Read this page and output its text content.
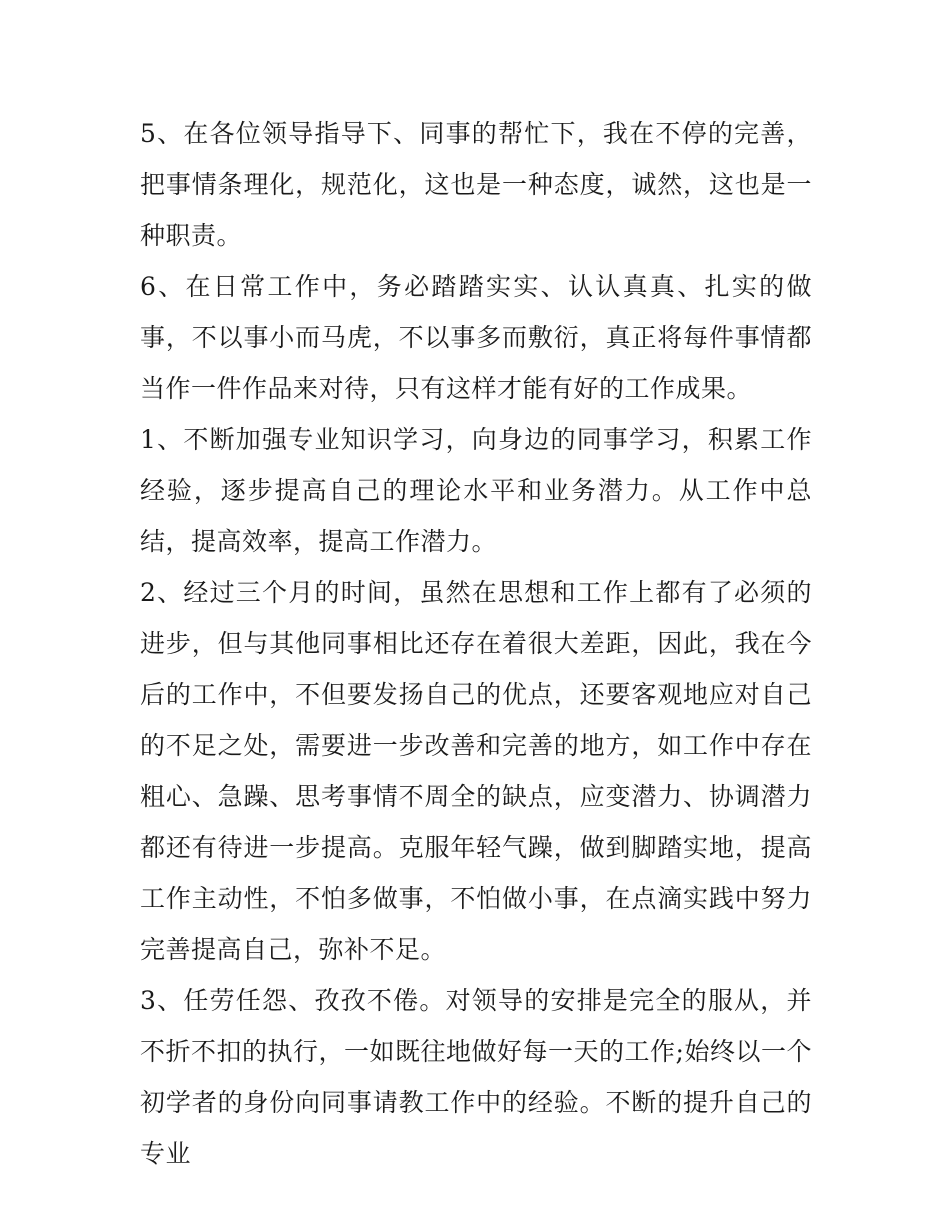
5、在各位领导指导下、同事的帮忙下，我在不停的完善，把事情条理化，规范化，这也是一种态度，诚然，这也是一种职责。

6、在日常工作中，务必踏踏实实、认认真真、扎实的做事，不以事小而马虎，不以事多而敷衍，真正将每件事情都当作一件作品来对待，只有这样才能有好的工作成果。

1、不断加强专业知识学习，向身边的同事学习，积累工作经验，逐步提高自己的理论水平和业务潜力。从工作中总结，提高效率，提高工作潜力。

2、经过三个月的时间，虽然在思想和工作上都有了必须的进步，但与其他同事相比还存在着很大差距，因此，我在今后的工作中，不但要发扬自己的优点，还要客观地应对自己的不足之处，需要进一步改善和完善的地方，如工作中存在粗心、急躁、思考事情不周全的缺点，应变潜力、协调潜力都还有待进一步提高。克服年轻气躁，做到脚踏实地，提高工作主动性，不怕多做事，不怕做小事，在点滴实践中努力完善提高自己，弥补不足。

3、任劳任怨、孜孜不倦。对领导的安排是完全的服从，并不折不扣的执行，一如既往地做好每一天的工作;始终以一个初学者的身份向同事请教工作中的经验。不断的提升自己的专业
